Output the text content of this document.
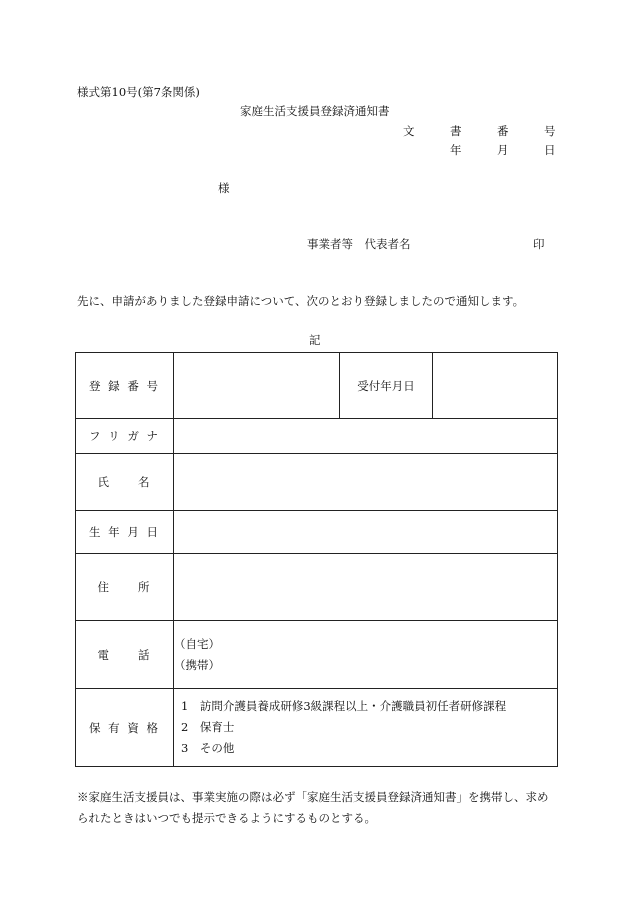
様式第10号(第7条関係)
家庭生活支援員登録済通知書
文	書	番	号
年	月	日
様
事業者等　代表者名	印
先に、申請がありました登録申請について、次のとおり登録しましたので通知します。
記
登 録 番 号		受付年月日	
フ リ ガ ナ			
氏　　名			
生 年 月 日			
住　　所			
電　　話	（自宅）
（携帯）		

保 有 資 格	1　訪問介護員養成研修3級課程以上・介護職員初任者研修課程
2　保育士
3　その他		
※家庭生活支援員は、事業実施の際は必ず「家庭生活支援員登録済通知書」を携帯し、求められたときはいつでも提示できるようにするものとする。
